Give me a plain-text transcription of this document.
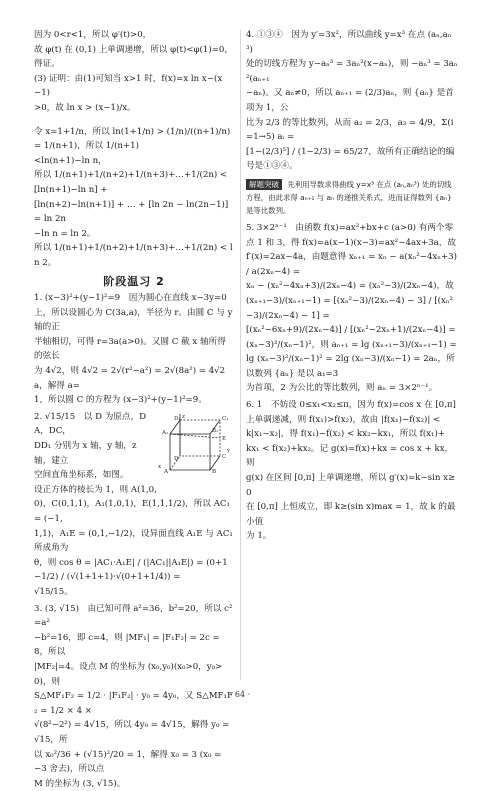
因为 0<r<1，所以 φ′(t)>0，

故 φ(t) 在 (0,1) 上单调递增，所以 φ(t)<φ(1)=0，得证。

(3) 证明：由(1)可知当 x>1 时，f(x)=x ln x−(x−1)

>0，故 ln x > (x−1)/x。

令 x=1+1/n，所以 ln(1+1/n) > (1/n)/((n+1)/n) = 1/(n+1)，所以 1/(n+1)

<ln(n+1)−ln n，

所以 1/(n+1)+1/(n+2)+1/(n+3)+…+1/(2n) < [ln(n+1)−ln n] +

[ln(n+2)−ln(n+1)] + … + [ln 2n − ln(2n−1)] = ln 2n

−ln n = ln 2。

所以 1/(n+1)+1/(n+2)+1/(n+3)+…+1/(2n) < ln 2。

阶段温习 2

1. (x−3)²+(y−1)²=9　因为圆心在直线 x−3y=0

上，所以设圆心为 C(3a,a)，半径为 r。由圆 C 与 y 轴的正

半轴相切，可得 r=3a(a>0)。又圆 C 截 x 轴所得的弦长

为 4√2，则 4√2 = 2√(r²−a²) = 2√(8a²) = 4√2 a，解得 a=

1，所以圆 C 的方程为 (x−3)²+(y−1)²=9。

D₁
A₁	B₁
C₁
D
A	B
C
E
x
y
z

2. √15/15　以 D 为原点，DA，DC，

DD₁ 分别为 x 轴，y 轴，z 轴，建立

空间直角坐标系，如图。

设正方体的棱长为 1，则 A(1,0,

0)，C(0,1,1)，A₁(1,0,1)，E(1,1,1/2)，所以 AC₁ = (−1,

1,1)，A₁E = (0,1,−1/2)，设异面直线 A₁E 与 AC₁ 所成角为

θ，则 cos θ = |AC₁·A₁E| / (|AC₁||A₁E|) = (0+1−1/2) / (√(1+1+1)·√(0+1+1/4)) =

√15/15。

3. (3, √15)　由已知可得 a²=36，b²=20，所以 c²=a²

−b²=16，即 c=4，则 |MF₁| = |F₁F₂| = 2c = 8，所以

|MF₂|=4。设点 M 的坐标为 (x₀,y₀)(x₀>0，y₀>0)，则

S△MF₁F₂ = 1/2 · |F₁F₂| · y₀ = 4y₀，又 S△MF₁F₂ = 1/2 × 4 ×

√(8²−2²) = 4√15，所以 4y₀ = 4√15，解得 y₀ = √15，所

以 x₀²/36 + (√15)²/20 = 1，解得 x₀ = 3 (x₀ = −3 舍去)，所以点

M 的坐标为 (3, √15)。

4. ①③④　因为 y′=3x²，所以曲线 y=x³ 在点 (aₙ,aₙ³)

处的切线方程为 y−aₙ³ = 3aₙ²(x−aₙ)，则 −aₙ³ = 3aₙ²(aₙ₊₁

−aₙ)。又 aₙ≠0，所以 aₙ₊₁ = (2/3)aₙ，则 {aₙ} 是首项为 1，公

比为 2/3 的等比数列，从而 a₂ = 2/3，a₃ = 4/9，Σ(i=1→5) aᵢ =

[1−(2/3)⁵] / (1−2/3) = 65/27，故所有正确结论的编号是①③④。

解题突破 先利用导数求得曲线 y=x³ 在点 (aₙ,aₙ³) 处的切线方程，由此求得 aₙ₊₁ 与 aₙ 的递推关系式，进而证得数列 {aₙ} 是等比数列。

5. 3×2ⁿ⁻¹　由函数 f(x)=ax²+bx+c (a>0) 有两个零

点 1 和 3，得 f(x)=a(x−1)(x−3)=ax²−4ax+3a，故

f′(x)=2ax−4a，由题意得 xₙ₊₁ = xₙ − a(xₙ²−4xₙ+3) / a(2xₙ−4) =

xₙ − (xₙ²−4xₙ+3)/(2xₙ−4) = (xₙ²−3)/(2xₙ−4)，故 (xₙ₊₁−3)/(xₙ₊₁−1) = [(xₙ²−3)/(2xₙ−4) − 3] / [(xₙ²−3)/(2xₙ−4) − 1] =

[(xₙ²−6xₙ+9)/(2xₙ−4)] / [(xₙ²−2xₙ+1)/(2xₙ−4)] = (xₙ−3)²/(xₙ−1)²，则 aₙ₊₁ = lg (xₙ₊₁−3)/(xₙ₊₁−1) =

lg (xₙ−3)²/(xₙ−1)² = 2lg (xₙ−3)/(xₙ−1) = 2aₙ，所以数列 {aₙ} 是以 a₁=3

为首项，2 为公比的等比数列，则 aₙ = 3×2ⁿ⁻¹。

6. 1　不妨设 0≤x₁<x₂≤π，因为 f(x)=cos x 在 [0,π]

上单调递减，则 f(x₁)>f(x₂)，故由 |f(x₁)−f(x₂)| <

k|x₁−x₂|，得 f(x₁)−f(x₂) < kx₂−kx₁，所以 f(x₁)+

kx₁ < f(x₂)+kx₂。记 g(x)=f(x)+kx = cos x + kx，则

g(x) 在区间 [0,π] 上单调递增，所以 g′(x)=k−sin x≥0

在 [0,π] 上恒成立，即 k≥(sin x)max = 1，故 k 的最小值

为 1。

· 64 ·
